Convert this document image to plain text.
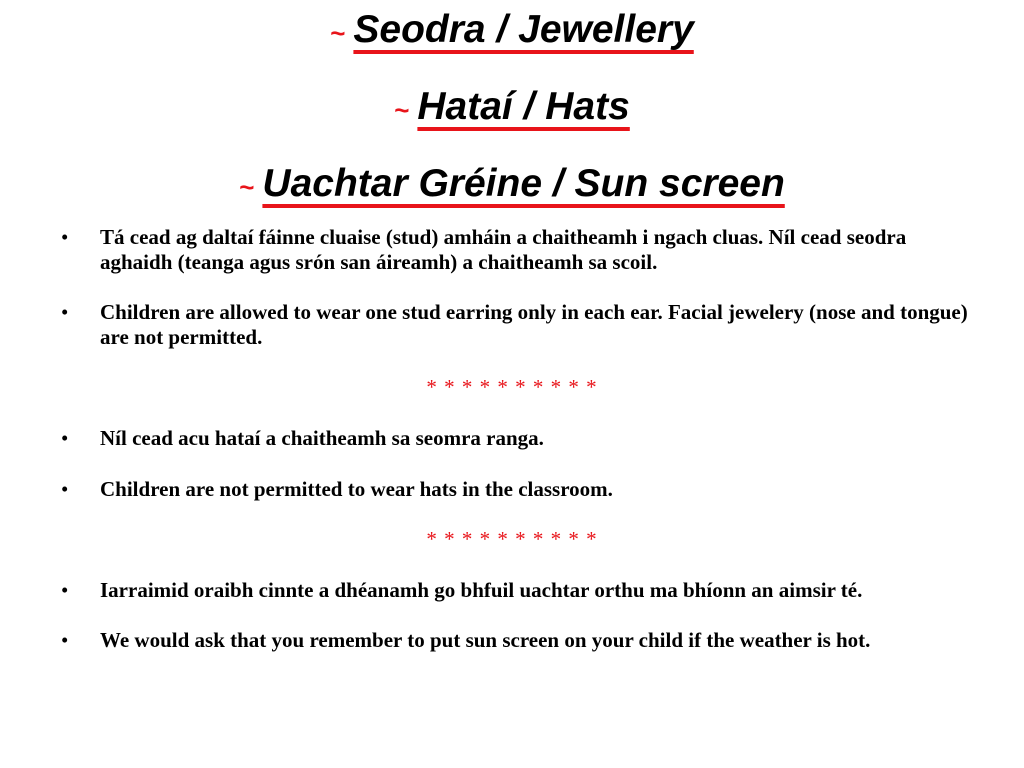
~ Seodra / Jewellery
~ Hataí / Hats
~ Uachtar Gréine / Sun screen
• Tá cead ag daltaí fáinne cluaise (stud) amháin a chaitheamh i ngach cluas. Níl cead seodra aghaidh (teanga agus srón san áireamh) a chaitheamh sa scoil.
• Children are allowed to wear one stud earring only in each ear. Facial jewelery (nose and tongue) are not permitted.
* * * * * * * * * *
• Níl cead acu hataí a chaitheamh sa seomra ranga.
• Children are not permitted to wear hats in the classroom.
* * * * * * * * * *
• Iarraimid oraibh cinnte a dhéanamh go bhfuil uachtar orthu ma bhíonn an aimsir té.
• We would ask that you remember to put sun screen on your child if the weather is hot.
